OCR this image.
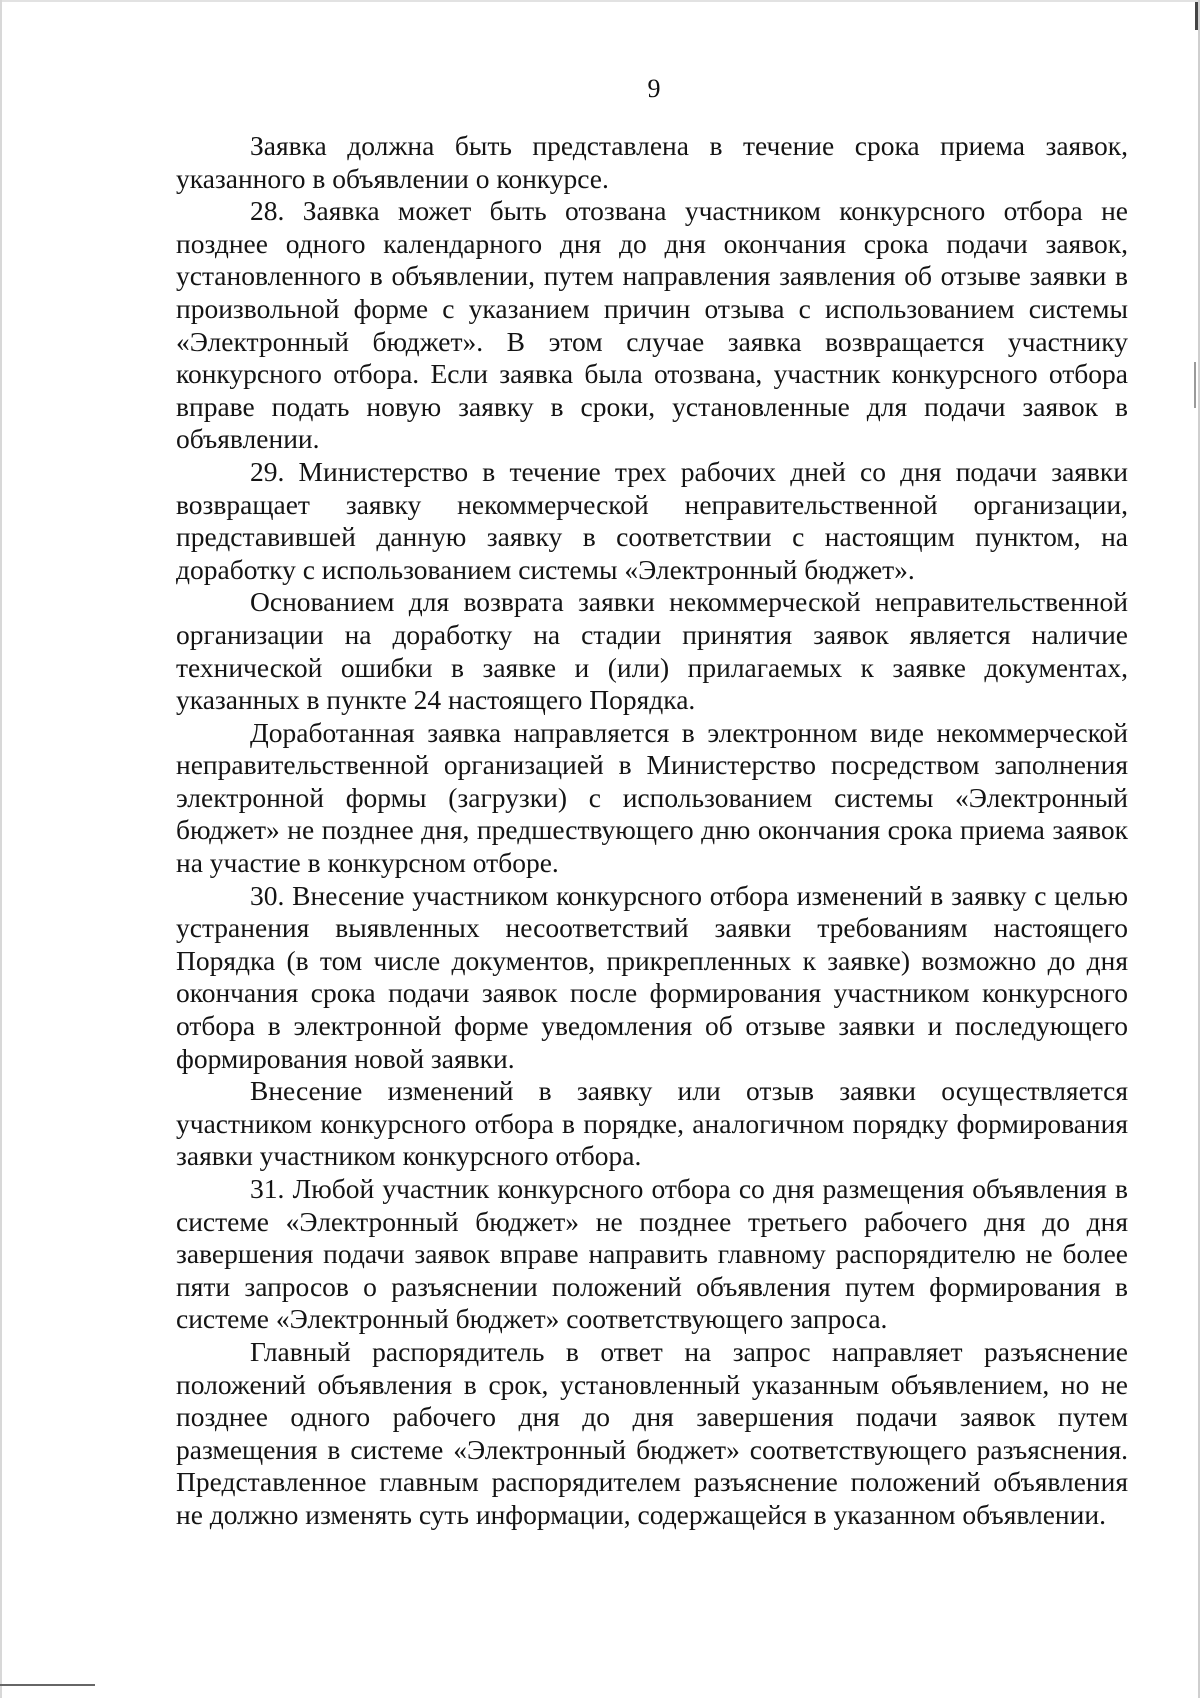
9

Заявка должна быть представлена в течение срока приема заявок, указанного в объявлении о конкурсе.

28. Заявка может быть отозвана участником конкурсного отбора не позднее одного календарного дня до дня окончания срока подачи заявок, установленного в объявлении, путем направления заявления об отзыве заявки в произвольной форме с указанием причин отзыва с использованием системы «Электронный бюджет». В этом случае заявка возвращается участнику конкурсного отбора. Если заявка была отозвана, участник конкурсного отбора вправе подать новую заявку в сроки, установленные для подачи заявок в объявлении.

29. Министерство в течение трех рабочих дней со дня подачи заявки возвращает заявку некоммерческой неправительственной организации, представившей данную заявку в соответствии с настоящим пунктом, на доработку с использованием системы «Электронный бюджет».

Основанием для возврата заявки некоммерческой неправительственной организации на доработку на стадии принятия заявок является наличие технической ошибки в заявке и (или) прилагаемых к заявке документах, указанных в пункте 24 настоящего Порядка.

Доработанная заявка направляется в электронном виде некоммерческой неправительственной организацией в Министерство посредством заполнения электронной формы (загрузки) с использованием системы «Электронный бюджет» не позднее дня, предшествующего дню окончания срока приема заявок на участие в конкурсном отборе.

30. Внесение участником конкурсного отбора изменений в заявку с целью устранения выявленных несоответствий заявки требованиям настоящего Порядка (в том числе документов, прикрепленных к заявке) возможно до дня окончания срока подачи заявок после формирования участником конкурсного отбора в электронной форме уведомления об отзыве заявки и последующего формирования новой заявки.

Внесение изменений в заявку или отзыв заявки осуществляется участником конкурсного отбора в порядке, аналогичном порядку формирования заявки участником конкурсного отбора.

31. Любой участник конкурсного отбора со дня размещения объявления в системе «Электронный бюджет» не позднее третьего рабочего дня до дня завершения подачи заявок вправе направить главному распорядителю не более пяти запросов о разъяснении положений объявления путем формирования в системе «Электронный бюджет» соответствующего запроса.

Главный распорядитель в ответ на запрос направляет разъяснение положений объявления в срок, установленный указанным объявлением, но не позднее одного рабочего дня до дня завершения подачи заявок путем размещения в системе «Электронный бюджет» соответствующего разъяснения. Представленное главным распорядителем разъяснение положений объявления не должно изменять суть информации, содержащейся в указанном объявлении.
